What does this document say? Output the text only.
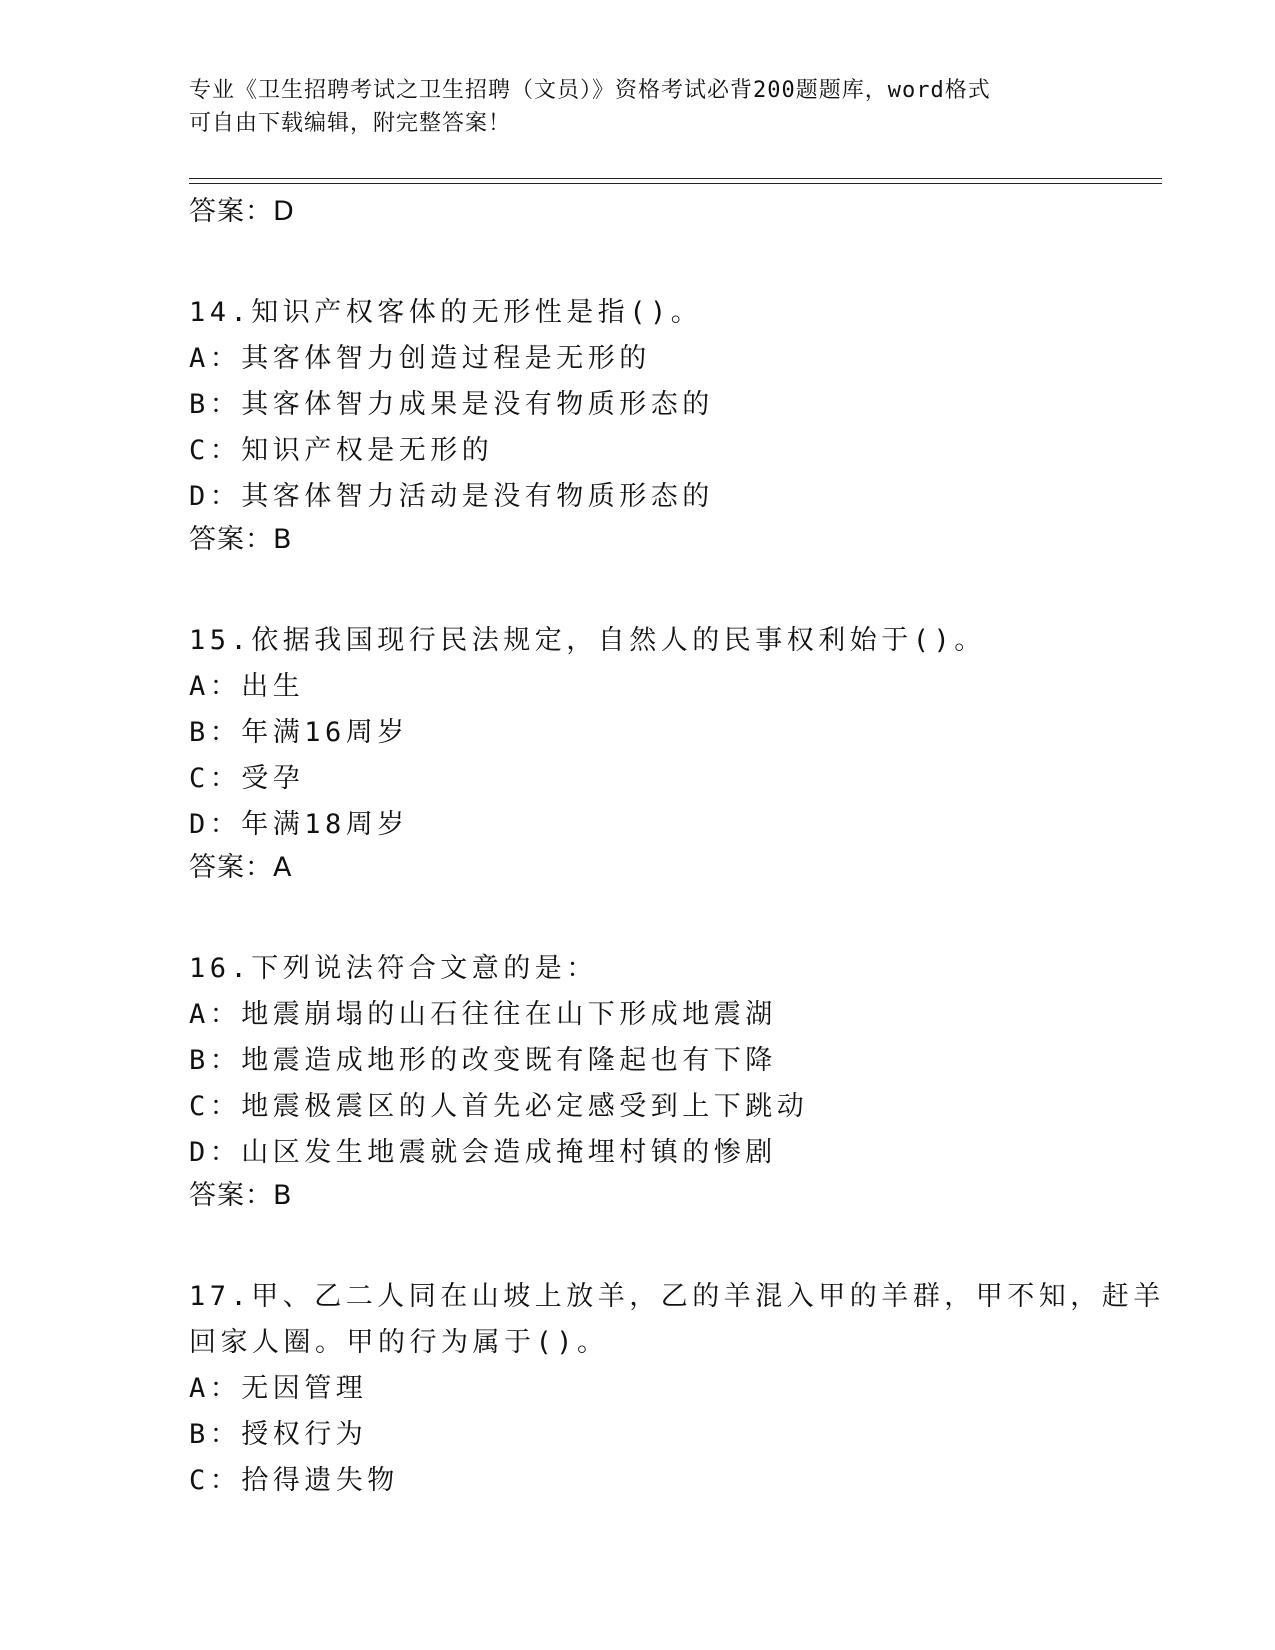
专业《卫生招聘考试之卫生招聘（文员）》资格考试必背200题题库，word格式
可自由下载编辑，附完整答案！
答案：D
14.知识产权客体的无形性是指()。
A：其客体智力创造过程是无形的
B：其客体智力成果是没有物质形态的
C：知识产权是无形的
D：其客体智力活动是没有物质形态的
答案：B
15.依据我国现行民法规定，自然人的民事权利始于()。
A：出生
B：年满16周岁
C：受孕
D：年满18周岁
答案：A
16.下列说法符合文意的是：
A：地震崩塌的山石往往在山下形成地震湖
B：地震造成地形的改变既有隆起也有下降
C：地震极震区的人首先必定感受到上下跳动
D：山区发生地震就会造成掩埋村镇的惨剧
答案：B
17.甲、乙二人同在山坡上放羊，乙的羊混入甲的羊群，甲不知，赶羊
回家人圈。甲的行为属于()。
A：无因管理
B：授权行为
C：拾得遗失物
